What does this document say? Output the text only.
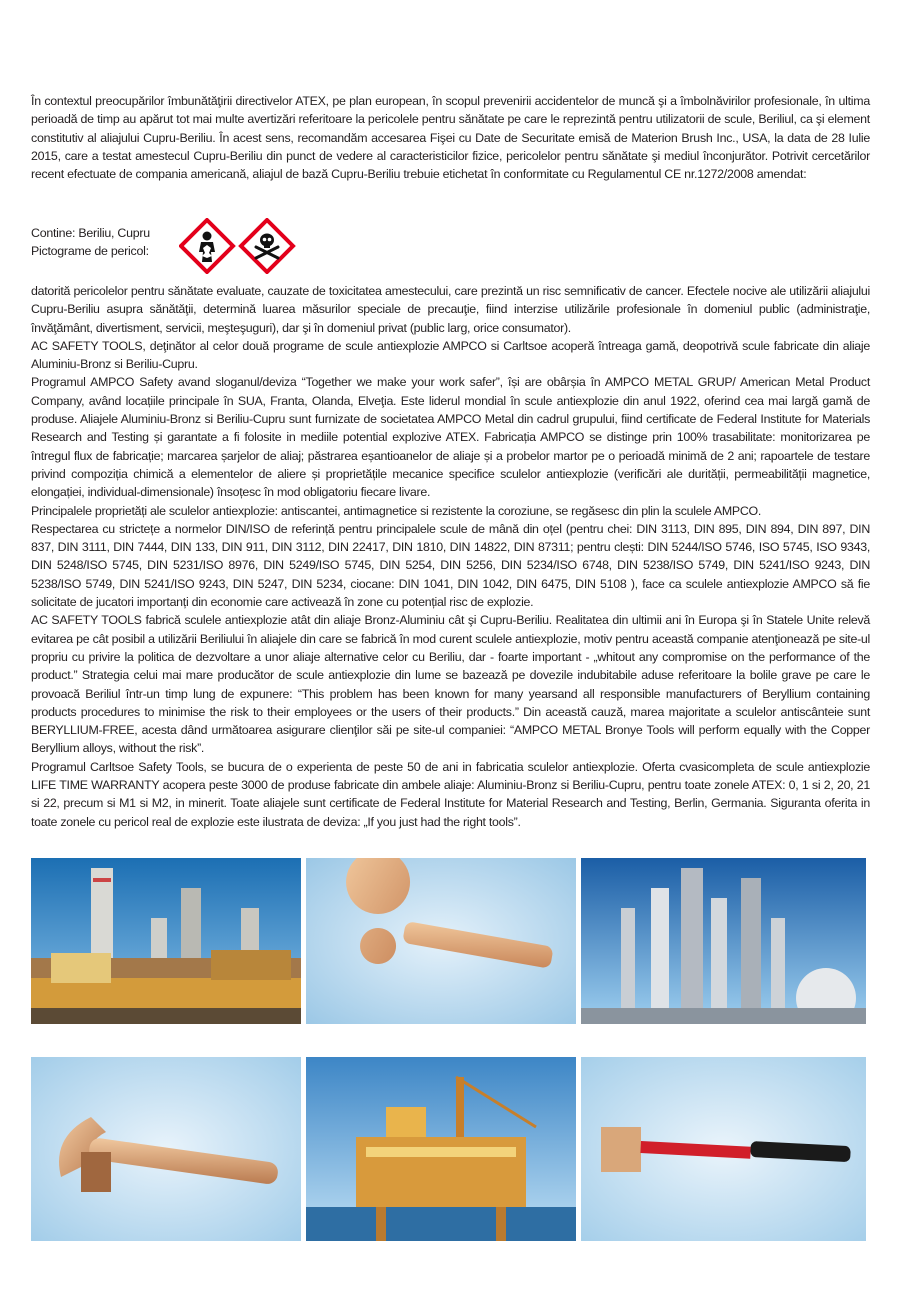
În contextul preocupărilor îmbunătăţirii directivelor ATEX, pe plan european, în scopul prevenirii accidentelor de muncă şi a îmbolnăvirilor profesionale, în ultima perioadă de timp au apărut tot mai multe avertizări referitoare la pericolele pentru sănătate pe care le reprezintă pentru utilizatorii de scule, Beriliul, ca şi element constitutiv al aliajului Cupru-Beriliu. În acest sens, recomandăm accesarea Fişei cu Date de Securitate emisă de Materion Brush Inc., USA, la data de 28 Iulie 2015, care a testat amestecul Cupru-Beriliu din punct de vedere al caracteristicilor fizice, pericolelor pentru sănătate şi mediul înconjurător. Potrivit cercetărilor recent efectuate de compania americană, aliajul de bază Cupru-Beriliu trebuie etichetat în conformitate cu Regulamentul CE nr.1272/2008 amendat:

Contine: Beriliu, Cupru
Pictograme de pericol:

datorită pericolelor pentru sănătate evaluate, cauzate de toxicitatea amestecului, care prezintă un risc semnificativ de cancer. Efectele nocive ale utilizării aliajului Cupru-Beriliu asupra sănătăţii, determină luarea măsurilor speciale de precauţie, fiind interzise utilizările profesionale în domeniul public (administraţie, învăţământ, divertisment, servicii, meşteşuguri), dar şi în domeniul privat (public larg, orice consumator).

AC SAFETY TOOLS, deţinător al celor două programe de scule antiexplozie AMPCO si Carltsoe acoperă întreaga gamă, deopotrivă scule fabricate din aliaje Aluminiu-Bronz si Beriliu-Cupru.

Programul AMPCO Safety avand sloganul/deviza “Together we make your work safer”, își are obârșia în AMPCO METAL GRUP/ American Metal Product Company, având locațiile principale în SUA, Franta, Olanda, Elveţia. Este liderul mondial în scule antiexplozie din anul 1922, oferind cea mai largă gamă de produse. Aliajele Aluminiu-Bronz si Beriliu-Cupru sunt furnizate de societatea AMPCO Metal din cadrul grupului, fiind certificate de Federal Institute for Materials Research and Testing și garantate a fi folosite in mediile potential explozive ATEX. Fabricația AMPCO se distinge prin 100% trasabilitate: monitorizarea pe întregul flux de fabricație; marcarea șarjelor de aliaj; păstrarea eșantioanelor de aliaje și a probelor martor pe o perioadă minimă de 2 ani; rapoartele de testare privind compoziția chimică a elementelor de aliere și proprietățile mecanice specifice sculelor antiexplozie (verificări ale durității, permeabilității magnetice, elongației, individual-dimensionale) însoțesc în mod obligatoriu fiecare livare.

Principalele proprietăți ale sculelor antiexplozie: antiscantei, antimagnetice si rezistente la coroziune, se regăsesc din plin la sculele AMPCO.

Respectarea cu strictețe a normelor DIN/ISO de referință pentru principalele scule de mână din oțel (pentru chei: DIN 3113, DIN 895, DIN 894, DIN 897, DIN 837, DIN 3111, DIN 7444, DIN 133, DIN 911, DIN 3112, DIN 22417, DIN 1810, DIN 14822, DIN 87311; pentru clești: DIN 5244/ISO 5746, ISO 5745, ISO 9343, DIN 5248/ISO 5745, DIN 5231/ISO 8976, DIN 5249/ISO 5745, DIN 5254, DIN 5256, DIN 5234/ISO 6748, DIN 5238/ISO 5749, DIN 5241/ISO 9243, DIN 5238/ISO 5749, DIN 5241/ISO 9243, DIN 5247, DIN 5234, ciocane: DIN 1041, DIN 1042, DIN 6475, DIN 5108 ), face ca sculele antiexplozie AMPCO să fie solicitate de jucatori importanți din economie care activează în zone cu potențial risc de explozie.

AC SAFETY TOOLS fabrică sculele antiexplozie atât din aliaje Bronz-Aluminiu cât şi Cupru-Beriliu. Realitatea din ultimii ani în Europa şi în Statele Unite relevă evitarea pe cât posibil a utilizării Beriliului în aliajele din care se fabrică în mod curent sculele antiexplozie, motiv pentru această companie atenţionează pe site-ul propriu cu privire la politica de dezvoltare a unor aliaje alternative celor cu Beriliu, dar - foarte important - „whitout any compromise on the performance of the product.” Strategia celui mai mare producător de scule antiexplozie din lume se bazează pe dovezile indubitabile aduse referitoare la bolile grave pe care le provoacă Beriliul într-un timp lung de expunere: “This problem has been known for many yearsand all responsible manufacturers of Beryllium containing products procedures to minimise the risk to their employees or the users of their products.” Din această cauză, marea majoritate a sculelor antiscânteie sunt BERYLLIUM-FREE, acesta dând următoarea asigurare clienţilor săi pe site-ul companiei: “AMPCO METAL Bronye Tools will perform equally with the Copper Beryllium alloys, without the risk”.

Programul Carltsoe Safety Tools, se bucura de o experienta de peste 50 de ani in fabricatia sculelor antiexplozie. Oferta cvasicompleta de scule antiexplozie LIFE TIME WARRANTY acopera peste 3000 de produse fabricate din ambele aliaje: Aluminiu-Bronz si Beriliu-Cupru, pentru toate zonele ATEX: 0, 1 si 2, 20, 21 si 22, precum si M1 si M2, in minerit. Toate aliajele sunt certificate de Federal Institute for Material Research and Testing, Berlin, Germania. Siguranta oferita in toate zonele cu pericol real de explozie este ilustrata de deviza: „If you just had the right tools”.
